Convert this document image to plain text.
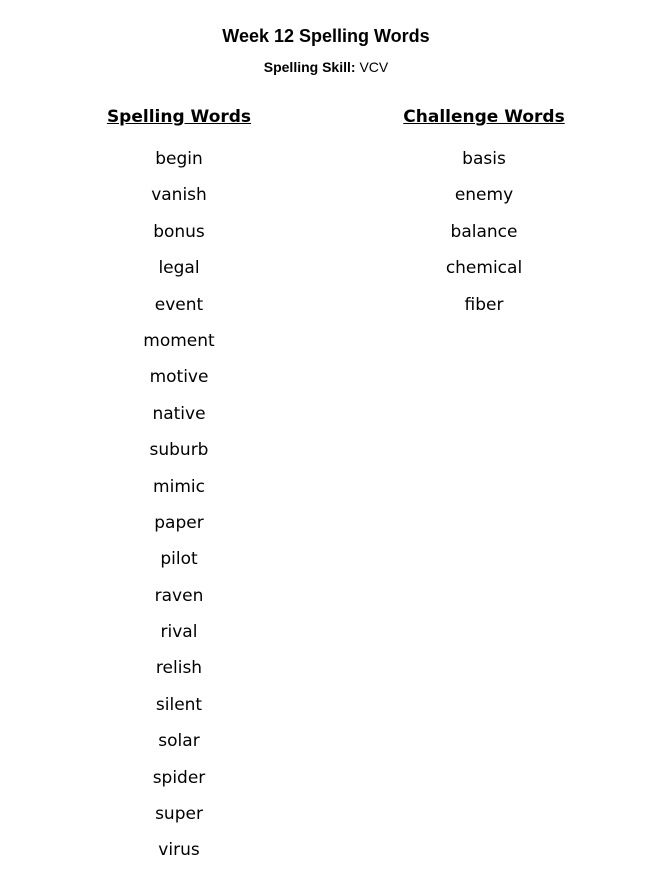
Week 12 Spelling Words
Spelling Skill: VCV
Spelling Words
begin
vanish
bonus
legal
event
moment
motive
native
suburb
mimic
paper
pilot
raven
rival
relish
silent
solar
spider
super
virus
Challenge Words
basis
enemy
balance
chemical
fiber
